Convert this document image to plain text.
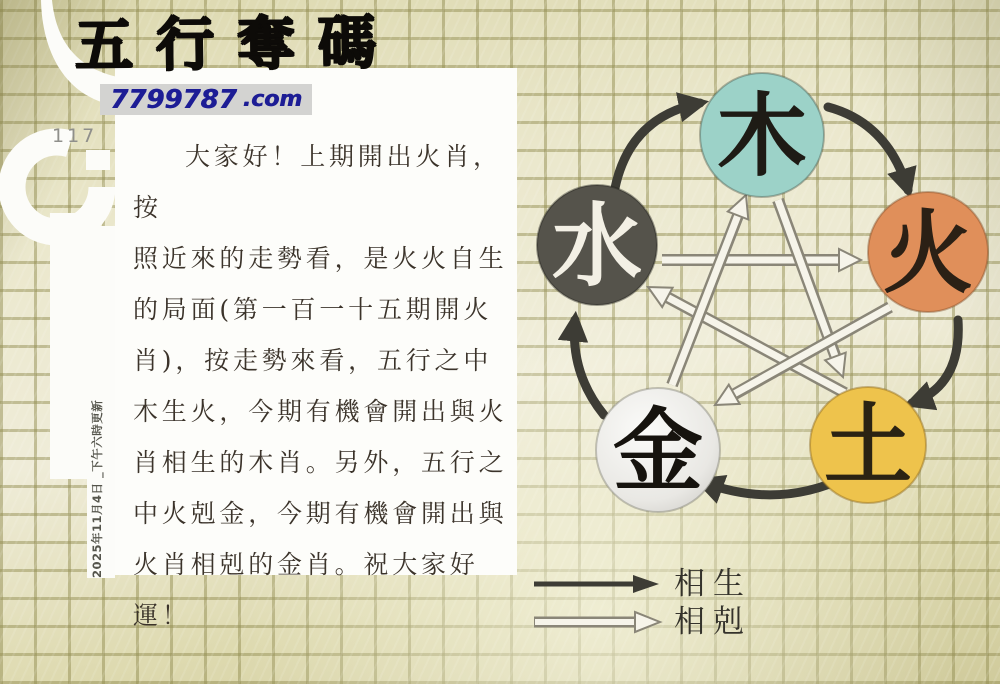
五行奪碼
7799787 .com
117

大家好！上期開出火肖，按

照近來的走勢看，是火火自生

的局面(第一百一十五期開火

肖)，按走勢來看，五行之中

木生火，今期有機會開出與火

肖相生的木肖。另外，五行之

中火剋金，今期有機會開出與

火肖相剋的金肖。祝大家好

運！

2025年11月4日 _下午六時更新
木
水	火
金 土
相生
相剋
